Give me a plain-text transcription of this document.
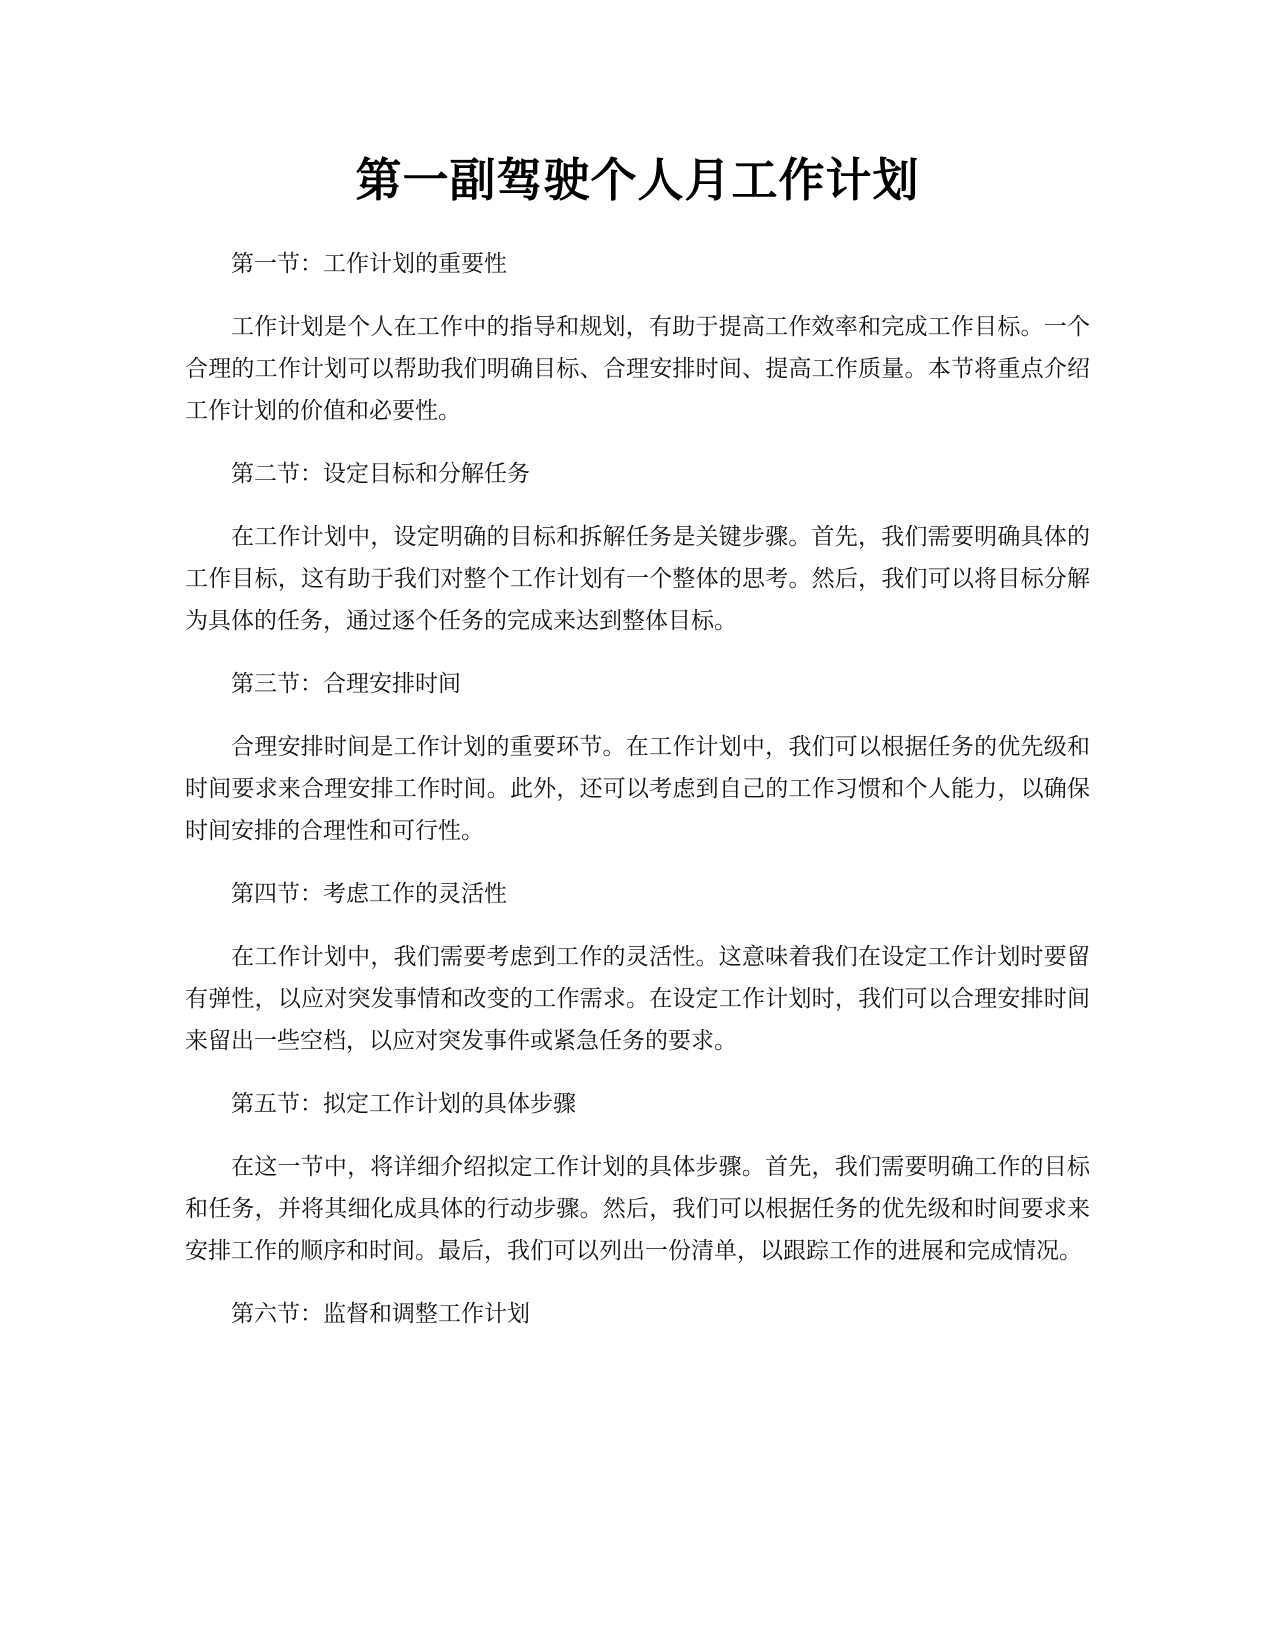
第一副驾驶个人月工作计划
第一节：工作计划的重要性
工作计划是个人在工作中的指导和规划，有助于提高工作效率和完成工作目标。一个合理的工作计划可以帮助我们明确目标、合理安排时间、提高工作质量。本节将重点介绍工作计划的价值和必要性。
第二节：设定目标和分解任务
在工作计划中，设定明确的目标和拆解任务是关键步骤。首先，我们需要明确具体的工作目标，这有助于我们对整个工作计划有一个整体的思考。然后，我们可以将目标分解为具体的任务，通过逐个任务的完成来达到整体目标。
第三节：合理安排时间
合理安排时间是工作计划的重要环节。在工作计划中，我们可以根据任务的优先级和时间要求来合理安排工作时间。此外，还可以考虑到自己的工作习惯和个人能力，以确保时间安排的合理性和可行性。
第四节：考虑工作的灵活性
在工作计划中，我们需要考虑到工作的灵活性。这意味着我们在设定工作计划时要留有弹性，以应对突发事情和改变的工作需求。在设定工作计划时，我们可以合理安排时间来留出一些空档，以应对突发事件或紧急任务的要求。
第五节：拟定工作计划的具体步骤
在这一节中，将详细介绍拟定工作计划的具体步骤。首先，我们需要明确工作的目标和任务，并将其细化成具体的行动步骤。然后，我们可以根据任务的优先级和时间要求来安排工作的顺序和时间。最后，我们可以列出一份清单，以跟踪工作的进展和完成情况。
第六节：监督和调整工作计划
